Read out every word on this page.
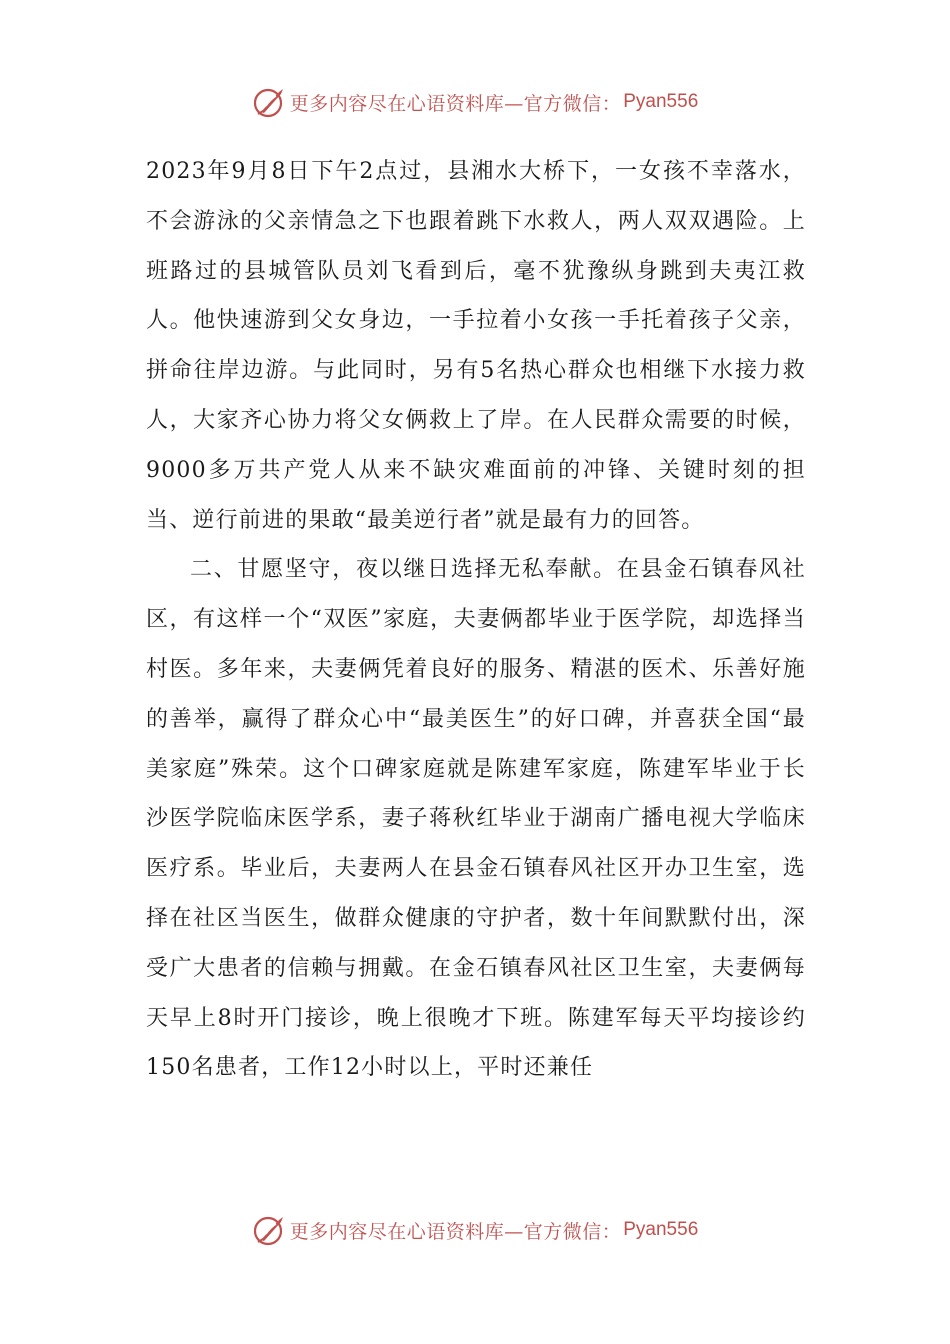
更多内容尽在心语资料库—官方微信： Pyan556

2023年9月8日下午2点过，县湘水大桥下，一女孩不幸落水，不会游泳的父亲情急之下也跟着跳下水救人，两人双双遇险。上班路过的县城管队员刘飞看到后，毫不犹豫纵身跳到夫夷江救人。他快速游到父女身边，一手拉着小女孩一手托着孩子父亲，拼命往岸边游。与此同时，另有5名热心群众也相继下水接力救人，大家齐心协力将父女俩救上了岸。在人民群众需要的时候，9000多万共产党人从来不缺灾难面前的冲锋、关键时刻的担当、逆行前进的果敢“最美逆行者”就是最有力的回答。

二、甘愿坚守，夜以继日选择无私奉献。在县金石镇春风社区，有这样一个“双医”家庭，夫妻俩都毕业于医学院，却选择当村医。多年来，夫妻俩凭着良好的服务、精湛的医术、乐善好施的善举，赢得了群众心中“最美医生”的好口碑，并喜获全国“最美家庭”殊荣。这个口碑家庭就是陈建军家庭，陈建军毕业于长沙医学院临床医学系，妻子蒋秋红毕业于湖南广播电视大学临床医疗系。毕业后，夫妻两人在县金石镇春风社区开办卫生室，选择在社区当医生，做群众健康的守护者，数十年间默默付出，深受广大患者的信赖与拥戴。在金石镇春风社区卫生室，夫妻俩每天早上8时开门接诊，晚上很晚才下班。陈建军每天平均接诊约150名患者，工作12小时以上，平时还兼任

更多内容尽在心语资料库—官方微信： Pyan556
